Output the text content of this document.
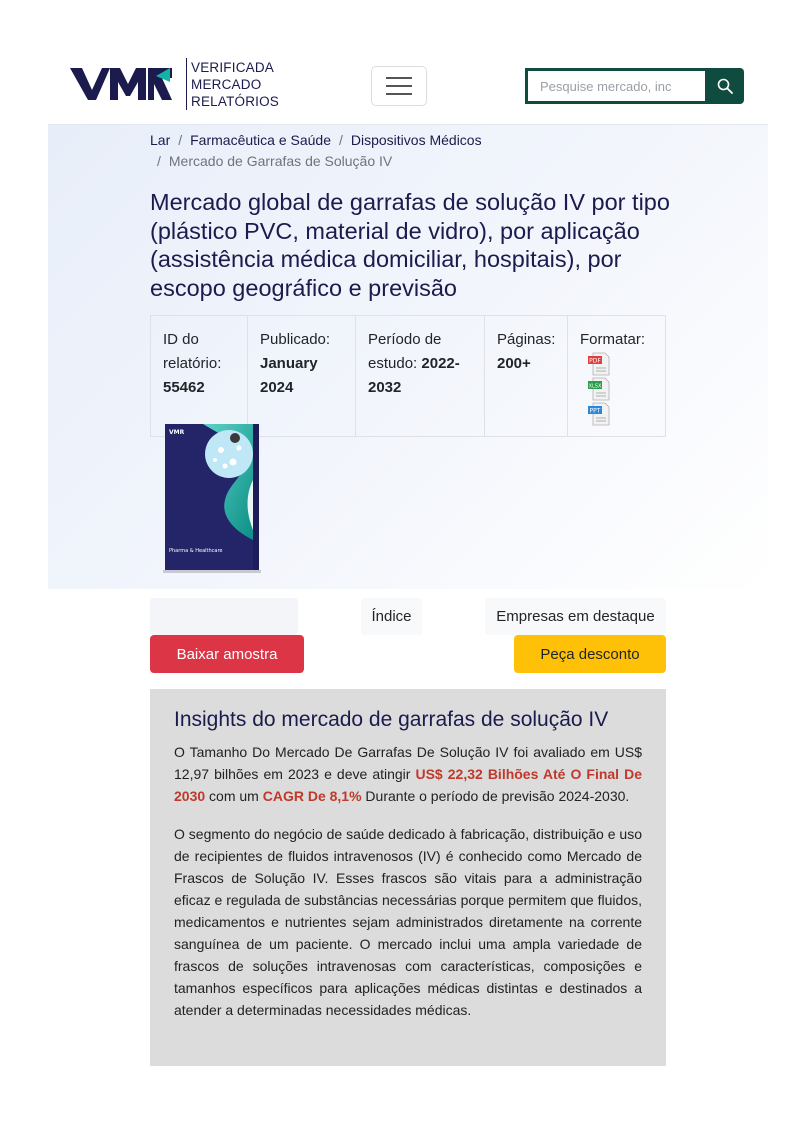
VERIFICADA
MERCADO
RELATÓRIOS
Pesquise mercado, inc
Lar / Farmacêutica e Saúde / Dispositivos Médicos
/ Mercado de Garrafas de Solução IV
Mercado global de garrafas de solução IV por tipo (plástico PVC, material de vidro), por aplicação (assistência médica domiciliar, hospitais), por escopo geográfico e previsão
ID do relatório:
55462
Publicado:
January 2024
Período de estudo: 2022-2032
Páginas:
200+
Formatar:
PDF
XLSX
PPT
VMR
Pharma & Healthcare
Sumário executivo	Índice	Empresas em destaque
Baixar amostra	Peça desconto
Insights do mercado de garrafas de solução IV

O Tamanho Do Mercado De Garrafas De Solução IV foi avaliado em US$ 12,97 bilhões em 2023 e deve atingir US$ 22,32 Bilhões Até O Final De 2030 com um CAGR De 8,1% Durante o período de previsão 2024-2030.

O segmento do negócio de saúde dedicado à fabricação, distribuição e uso de recipientes de fluidos intravenosos (IV) é conhecido como Mercado de Frascos de Solução IV. Esses frascos são vitais para a administração eficaz e regulada de substâncias necessárias porque permitem que fluidos, medicamentos e nutrientes sejam administrados diretamente na corrente sanguínea de um paciente. O mercado inclui uma ampla variedade de frascos de soluções intravenosas com características, composições e tamanhos específicos para aplicações médicas distintas e destinados a atender a determinadas necessidades médicas.
